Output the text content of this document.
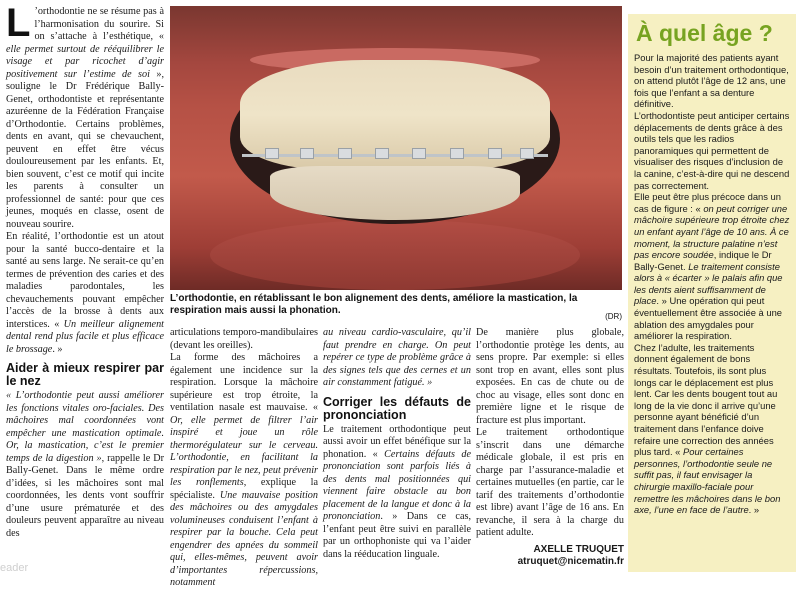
L ’orthodontie ne se résume pas à l’harmonisation du sourire. Si on s’attache à l’esthétique, « elle permet surtout de rééquilibrer le visage et par ricochet d’agir positivement sur l’estime de soi », souligne le Dr Frédérique Bally-Genet, orthodontiste et représentante azuréenne de la Fédération Française d’Orthodontie. Certains problèmes, dents en avant, qui se chevauchent, peuvent en effet être vécus douloureusement par les enfants. Et, bien souvent, c’est ce motif qui incite les parents à consulter un professionnel de santé: pour que ces jeunes, moqués en classe, osent de nouveau sourire.

En réalité, l’orthodontie est un atout pour la santé bucco-dentaire et la santé au sens large. Ne serait-ce qu’en termes de prévention des caries et des maladies parodontales, les chevauchements pouvant empêcher l’accès de la brosse à dents aux interstices. « Un meilleur alignement dental rend plus facile et plus efficace le brossage. »

Aider à mieux respirer par le nez

« L’orthodontie peut aussi améliorer les fonctions vitales oro-faciales. Des mâchoires mal coordonnées vont empêcher une mastication optimale. Or, la mastication, c’est le premier temps de la digestion », rappelle le Dr Bally-Genet. Dans le même ordre d’idées, si les mâchoires sont mal coordonnées, les dents vont souffrir d’une usure prématurée et des douleurs peuvent apparaître au niveau des

L’orthodontie, en rétablissant le bon alignement des dents, améliore la mastication, la respiration mais aussi la phonation.
(DR)

articulations temporo-mandibulaires (devant les oreilles).

La forme des mâchoires a également une incidence sur la respiration. Lorsque la mâchoire supérieure est trop étroite, la ventilation nasale est mauvaise. « Or, elle permet de filtrer l’air inspiré et joue un rôle thermorégulateur sur le cerveau. L’orthodontie, en facilitant la respiration par le nez, peut prévenir les ronflements, explique la spécialiste. Une mauvaise position des mâchoires ou des amygdales volumineuses conduisent l’enfant à respirer par la bouche. Cela peut engendrer des apnées du sommeil qui, elles-mêmes, peuvent avoir d’importantes répercussions, notamment

au niveau cardio-vasculaire, qu’il faut prendre en charge. On peut repérer ce type de problème grâce à des signes tels que des cernes et un air constamment fatigué. »

Corriger les défauts de prononciation

Le traitement orthodontique peut aussi avoir un effet bénéfique sur la phonation. « Certains défauts de prononciation sont parfois liés à des dents mal positionnées qui viennent faire obstacle au bon placement de la langue et donc à la prononciation. » Dans ce cas, l’enfant peut être suivi en parallèle par un orthophoniste qui va l’aider dans la rééducation linguale.

De manière plus globale, l’orthodontie protège les dents, au sens propre. Par exemple: si elles sont trop en avant, elles sont plus exposées. En cas de chute ou de choc au visage, elles sont donc en première ligne et le risque de fracture est plus important.

Le traitement orthodontique s’inscrit dans une démarche médicale globale, il est pris en charge par l’assurance-maladie et certaines mutuelles (en partie, car le tarif des traitements d’orthodontie est libre) avant l’âge de 16 ans. En revanche, il sera à la charge du patient adulte.

AXELLE TRUQUET
atruquet@nicematin.fr
À quel âge ?

Pour la majorité des patients ayant besoin d’un traitement orthodontique, on attend plutôt l’âge de 12 ans, une fois que l’enfant a sa denture définitive.

L’orthodontiste peut anticiper certains déplacements de dents grâce à des outils tels que les radios panoramiques qui permettent de visualiser des risques d’inclusion de la canine, c’est-à-dire qui ne descend pas correctement.

Elle peut être plus précoce dans un cas de figure : « on peut corriger une mâchoire supérieure trop étroite chez un enfant ayant l’âge de 10 ans. À ce moment, la structure palatine n’est pas encore soudée, indique le Dr Bally-Genet. Le traitement consiste alors à « écarter » le palais afin que les dents aient suffisamment de place. » Une opération qui peut éventuellement être associée à une ablation des amygdales pour améliorer la respiration.

Chez l’adulte, les traitements donnent également de bons résultats. Toutefois, ils sont plus longs car le déplacement est plus lent. Car les dents bougent tout au long de la vie donc il arrive qu’une personne ayant bénéficié d’un traitement dans l’enfance doive refaire une correction des années plus tard. « Pour certaines personnes, l’orthodontie seule ne suffit pas, il faut envisager la chirurgie maxillo-faciale pour remettre les mâchoires dans le bon axe, l’une en face de l’autre. »

eader
